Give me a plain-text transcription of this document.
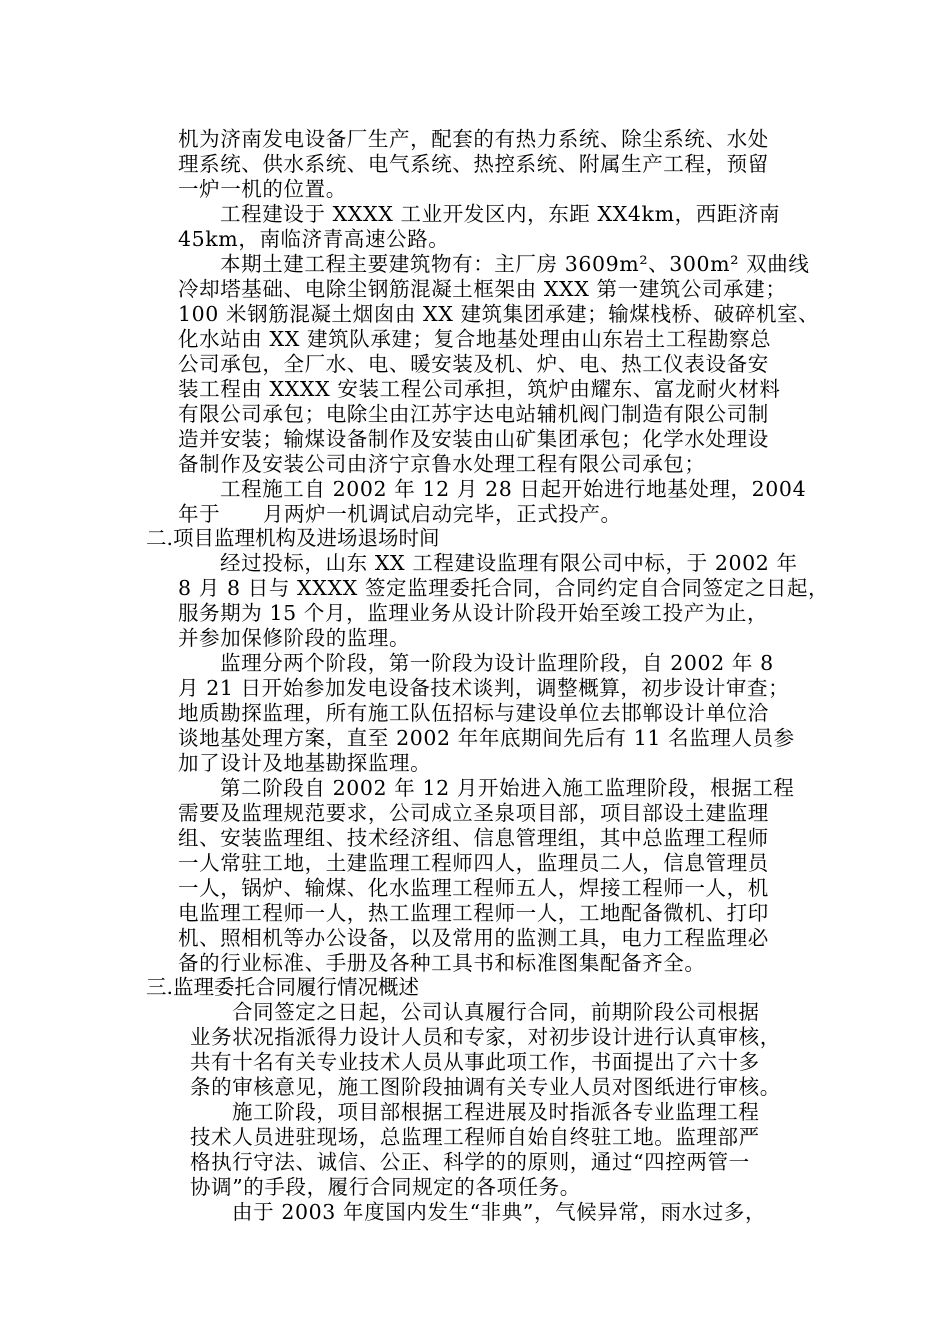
机为济南发电设备厂生产，配套的有热力系统、除尘系统、水处
理系统、供水系统、电气系统、热控系统、附属生产工程，预留
一炉一机的位置。
工程建设于 XXXX 工业开发区内，东距 XX4km，西距济南
45km，南临济青高速公路。
本期土建工程主要建筑物有：主厂房 3609m²、300m² 双曲线
冷却塔基础、电除尘钢筋混凝土框架由 XXX 第一建筑公司承建；
100 米钢筋混凝土烟囱由 XX 建筑集团承建；输煤栈桥、破碎机室、
化水站由 XX 建筑队承建；复合地基处理由山东岩土工程勘察总
公司承包，全厂水、电、暖安装及机、炉、电、热工仪表设备安
装工程由 XXXX 安装工程公司承担，筑炉由耀东、富龙耐火材料
有限公司承包；电除尘由江苏宇达电站辅机阀门制造有限公司制
造并安装；输煤设备制作及安装由山矿集团承包；化学水处理设
备制作及安装公司由济宁京鲁水处理工程有限公司承包；
工程施工自 2002 年 12 月 28 日起开始进行地基处理，2004
年于      月两炉一机调试启动完毕，正式投产。
二.项目监理机构及进场退场时间
经过投标，山东 XX 工程建设监理有限公司中标，于 2002 年
8 月 8 日与 XXXX 签定监理委托合同，合同约定自合同签定之日起，
服务期为 15 个月，监理业务从设计阶段开始至竣工投产为止，
并参加保修阶段的监理。
监理分两个阶段，第一阶段为设计监理阶段，自 2002 年 8
月 21 日开始参加发电设备技术谈判，调整概算，初步设计审查；
地质勘探监理，所有施工队伍招标与建设单位去邯郸设计单位洽
谈地基处理方案，直至 2002 年年底期间先后有 11 名监理人员参
加了设计及地基勘探监理。
第二阶段自 2002 年 12 月开始进入施工监理阶段，根据工程
需要及监理规范要求，公司成立圣泉项目部，项目部设土建监理
组、安装监理组、技术经济组、信息管理组，其中总监理工程师
一人常驻工地，土建监理工程师四人，监理员二人，信息管理员
一人，锅炉、输煤、化水监理工程师五人，焊接工程师一人，机
电监理工程师一人，热工监理工程师一人，工地配备微机、打印
机、照相机等办公设备，以及常用的监测工具，电力工程监理必
备的行业标准、手册及各种工具书和标准图集配备齐全。
三.监理委托合同履行情况概述
合同签定之日起，公司认真履行合同，前期阶段公司根据
业务状况指派得力设计人员和专家，对初步设计进行认真审核，
共有十名有关专业技术人员从事此项工作，书面提出了六十多
条的审核意见，施工图阶段抽调有关专业人员对图纸进行审核。
施工阶段，项目部根据工程进展及时指派各专业监理工程
技术人员进驻现场，总监理工程师自始自终驻工地。监理部严
格执行守法、诚信、公正、科学的的原则，通过“四控两管一
协调”的手段，履行合同规定的各项任务。
由于 2003 年度国内发生“非典”，气候异常，雨水过多，
